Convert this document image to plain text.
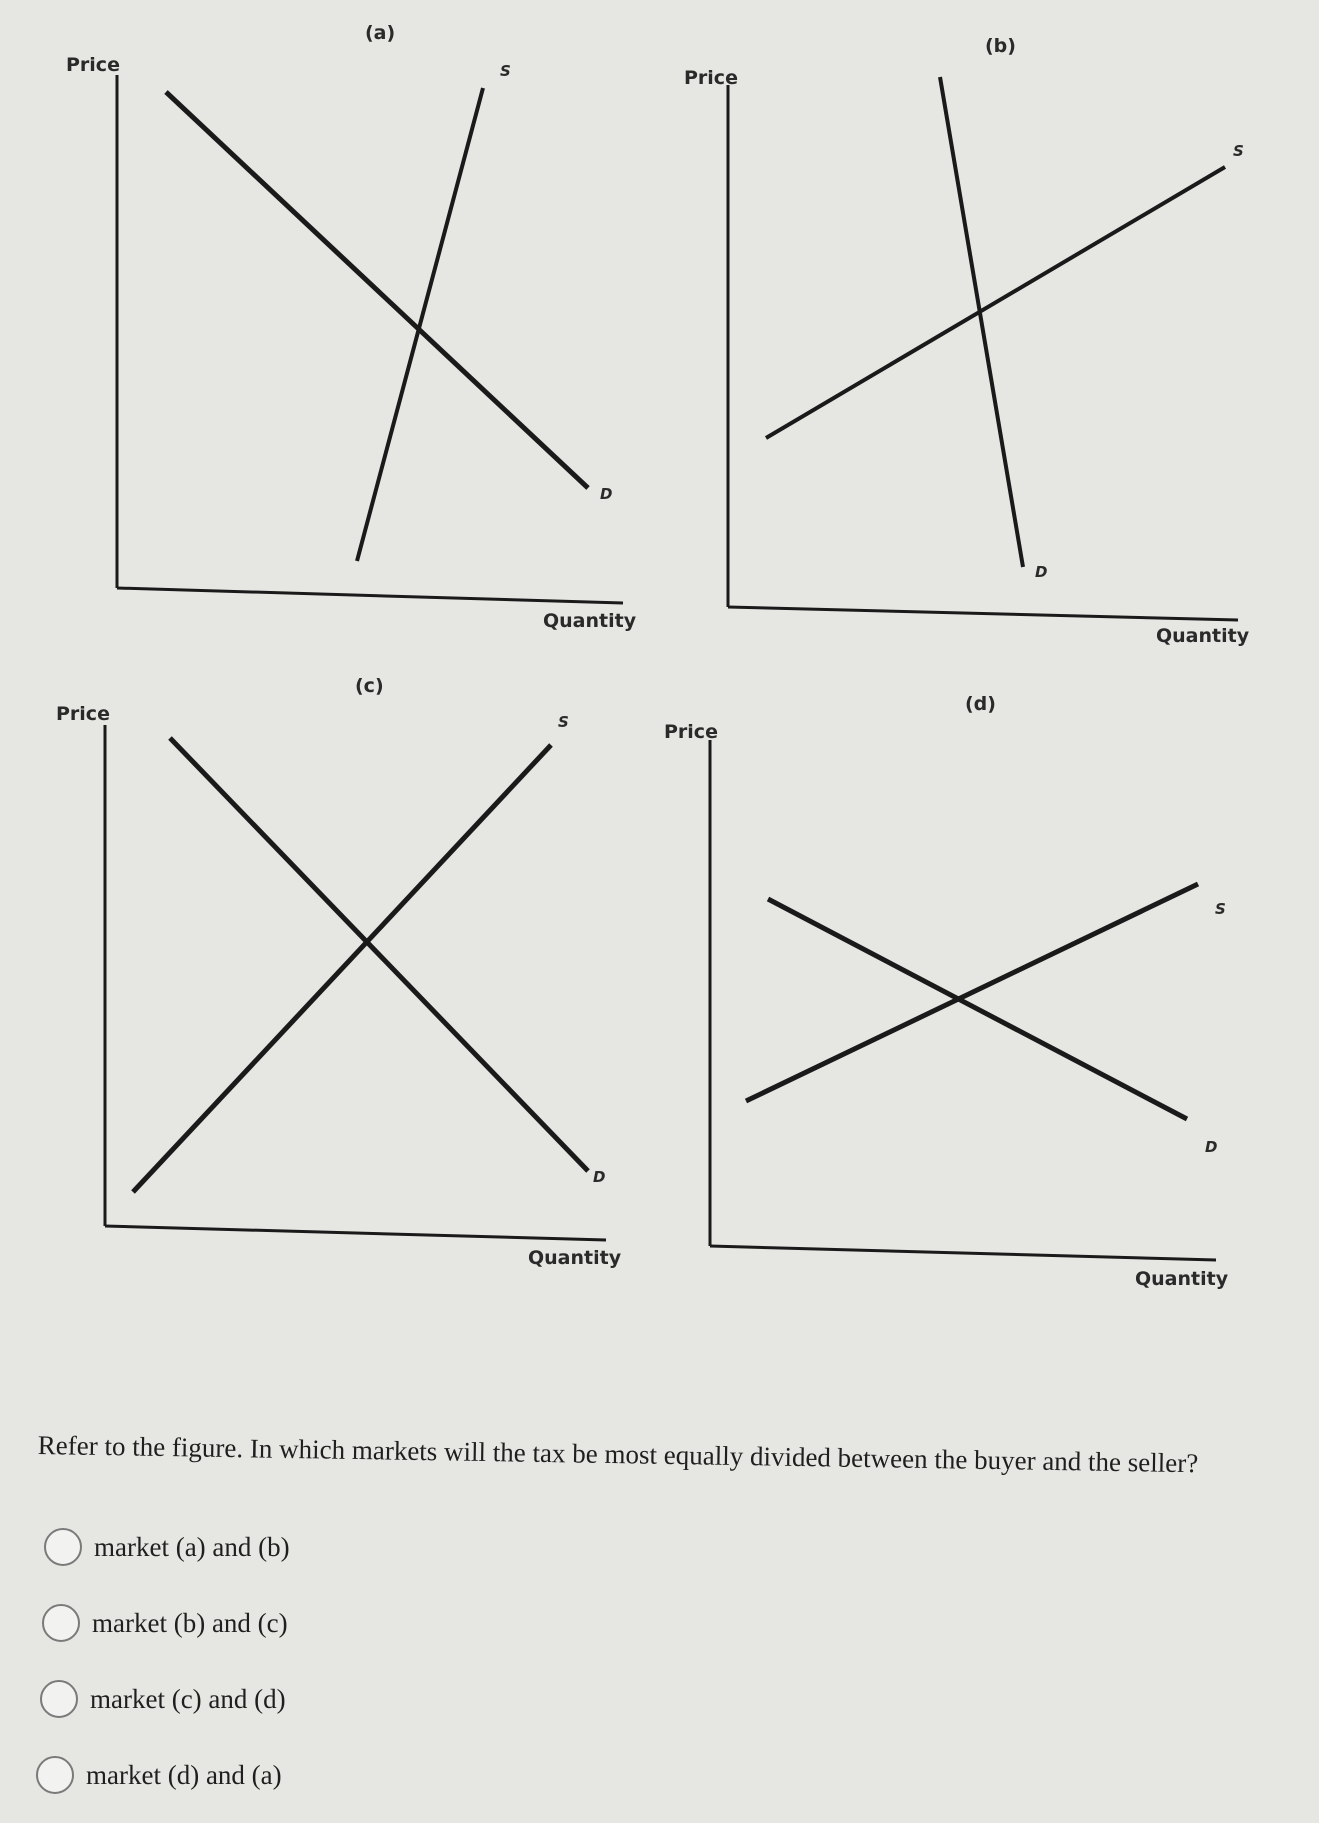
(a)
Price	S
D
Quantity
(b)
Price
S
D
Quantity
(c)
Price	S
D
Quantity
(d)
Price
S
D
Quantity
Refer to the figure. In which markets will the tax be most equally divided between the buyer and the seller?
market (a) and (b)
market (b) and (c)
market (c) and (d)
market (d) and (a)
